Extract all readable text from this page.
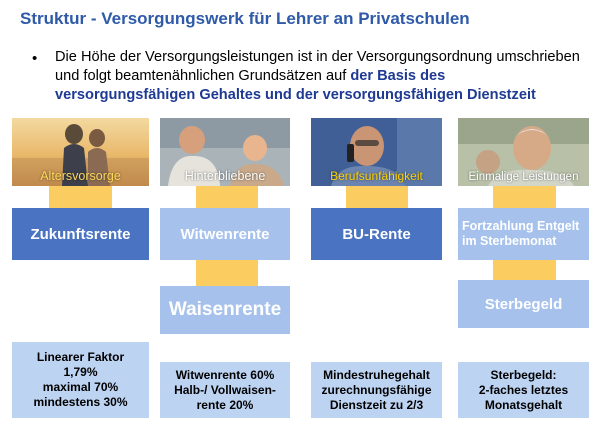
Struktur - Versorgungswerk für Lehrer an Privatschulen
• Die Höhe der Versorgungsleistungen ist in der Versorgungsordnung umschrieben und folgt beamtenähnlichen Grundsätzen auf der Basis des versorgungsfähigen Gehaltes und der versorgungsfähigen Dienstzeit
Altersvorsorge	Hinterbliebene	Berufsunfähigkeit	Einmalige Leistungen
Zukunftsrente	Witwenrente
Waisenrente
BU-Rente	Fortzahlung Entgelt im Sterbemonat
Sterbegeld
Linearer Faktor
1,79%
maximal 70%
mindestens 30%
Witwenrente 60%
Halb-/ Vollwaisen-
rente 20%
Mindestruhegehalt
zurechnungsfähige
Dienstzeit zu 2/3
Sterbegeld:
2-faches letztes
Monatsgehalt
